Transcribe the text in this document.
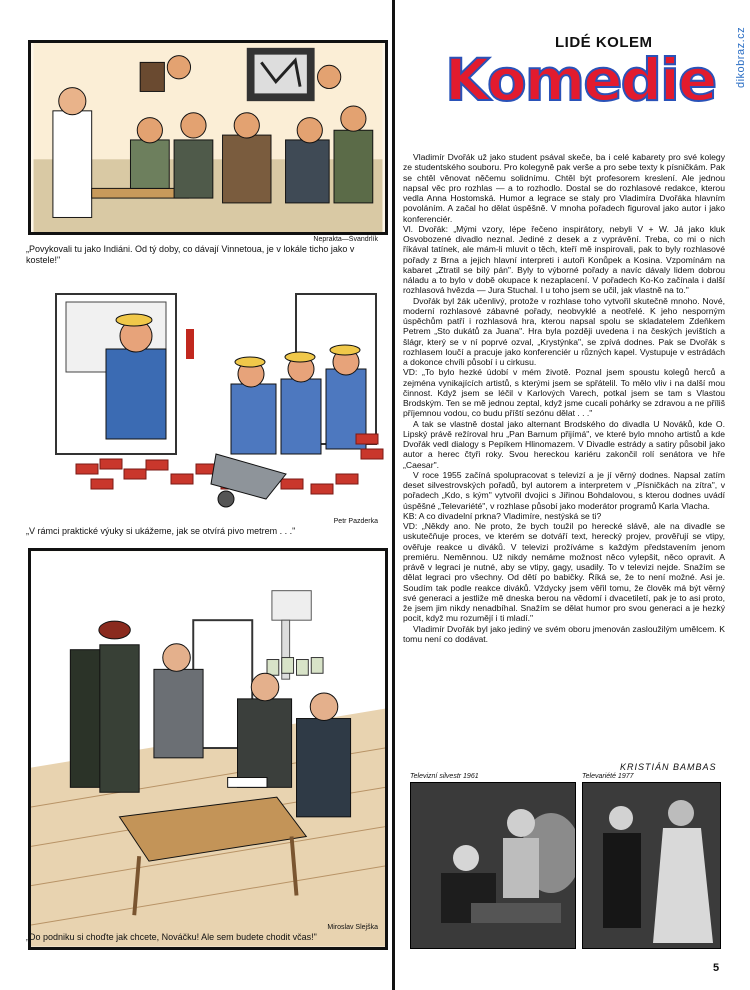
dikobraz.cz
Neprakta—Švandrlík
„Povykovali tu jako Indiáni. Od tý doby, co dávají Vinnetoua, je v lokále ticho jako v kostele!"
Petr Pazderka
„V rámci praktické výuky si ukážeme, jak se otvírá pivo metrem . . ."
Miroslav Slejška
„Do podniku si choďte jak chcete, Nováčku! Ale sem budete chodit včas!"
LIDÉ KOLEM
Komedie

Vladimír Dvořák už jako student psával skeče, ba i celé kabarety pro své kolegy ze studentského souboru. Pro kolegyně pak verše a pro sebe texty k písničkám. Pak se chtěl věnovat něčemu solidnímu. Chtěl být profesorem kreslení. Ale jednou napsal věc pro rozhlas — a to rozhodlo. Dostal se do rozhlasové redakce, kterou vedla Anna Hostomská. Humor a legrace se staly pro Vladimíra Dvořáka hlavním povoláním. A začal ho dělat úspěšně. V mnoha pořadech figuroval jako autor i jako konferenciér.

Vl. Dvořák: „Mými vzory, lépe řečeno inspirátory, nebyli V + W. Já jako kluk Osvobozené divadlo neznal. Jediné z desek a z vyprávění. Treba, co mi o nich říkával tatínek, ale mám-li mluvit o těch, kteří mě inspirovali, pak to byly rozhlasové pořady z Brna a jejich hlavní interpreti i autoři Konůpek a Kosina. Vzpomínám na kabaret „Ztratil se bílý pán". Byly to výborné pořady a navíc dávaly lidem dobrou náladu a to bylo v době okupace k nezaplacení. V pořadech Ko-Ko začínala i další rozhlasová hvězda — Jura Stuchal. I u toho jsem se učil, jak vlastně na to."

Dvořák byl žák učenlivý, protože v rozhlase toho vytvořil skutečně mnoho. Nové, moderní rozhlasové zábavné pořady, neobvyklé a neotřelé. K jeho nesporným úspěchům patří i rozhlasová hra, kterou napsal spolu se skladatelem Zdeňkem Petrem „Sto dukátů za Juana". Hra byla později uvedena i na českých jevištích a šlágr, který se v ní poprvé ozval, „Krystýnka", se zpívá dodnes. Pak se Dvořák s rozhlasem loučí a pracuje jako konferenciér u různých kapel. Vystupuje v estrádách a dokonce chvíli působí i u cirkusu.

VD: „To bylo hezké údobí v mém životě. Poznal jsem spoustu kolegů herců a zejména vynikajících artistů, s kterými jsem se spřátelil. To mělo vliv i na další mou činnost. Když jsem se léčil v Karlových Varech, potkal jsem se tam s Vlastou Brodským. Ten se mě jednou zeptal, když jsme cucali pohárky se zdravou a ne příliš příjemnou vodou, co budu příští sezónu dělat . . ."

A tak se vlastně dostal jako alternant Brodského do divadla U Nováků, kde O. Lipský právě režíroval hru „Pan Barnum přijímá", ve které bylo mnoho artistů a kde Dvořák vedl dialogy s Pepíkem Hlinomazem. V Divadle estrády a satiry působil jako autor a herec čtyři roky. Svou hereckou kariéru zakončil rolí senátora ve hře „Caesar".

V roce 1955 začíná spolupracovat s televizí a je jí věrný dodnes. Napsal zatím deset silvestrovských pořadů, byl autorem a interpretem v „Písničkách na zítra", v pořadech „Kdo, s kým" vytvořil dvojici s Jiřinou Bohdalovou, s kterou dodnes uvádí úspěšné „Televariété", v rozhlase působí jako moderátor programů Karla Vlacha.

KB: A co divadelní prkna? Vladimíre, nestýská se ti?

VD: „Někdy ano. Ne proto, že bych toužil po herecké slávě, ale na divadle se uskutečňuje proces, ve kterém se dotváří text, herecký projev, prověřují se vtipy, ověřuje reakce u diváků. V televizi prožíváme s každým představením jenom premiéru. Neměnnou. Už nikdy nemáme možnost něco vylepšit, něco opravit. A právě v legraci je nutné, aby se vtipy, gagy, usadily. To v televizi nejde. Snažím se dělat legraci pro všechny. Od dětí po babičky. Říká se, že to není možné. Asi je. Soudím tak podle reakce diváků. Vždycky jsem věřil tomu, že člověk má být věrný své generaci a jestliže mě dneska berou na vědomí i dvacetiletí, pak je to asi proto, že jsem jim nikdy nenadbíhal. Snažím se dělat humor pro svou generaci a je hezký pocit, když mu rozumějí i ti mladí."

Vladimír Dvořák byl jako jediný ve svém oboru jmenován zasloužilým umělcem. K tomu není co dodávat.

KRISTIÁN BAMBAS
Televizní silvestr 1961	Televariété 1977
5
